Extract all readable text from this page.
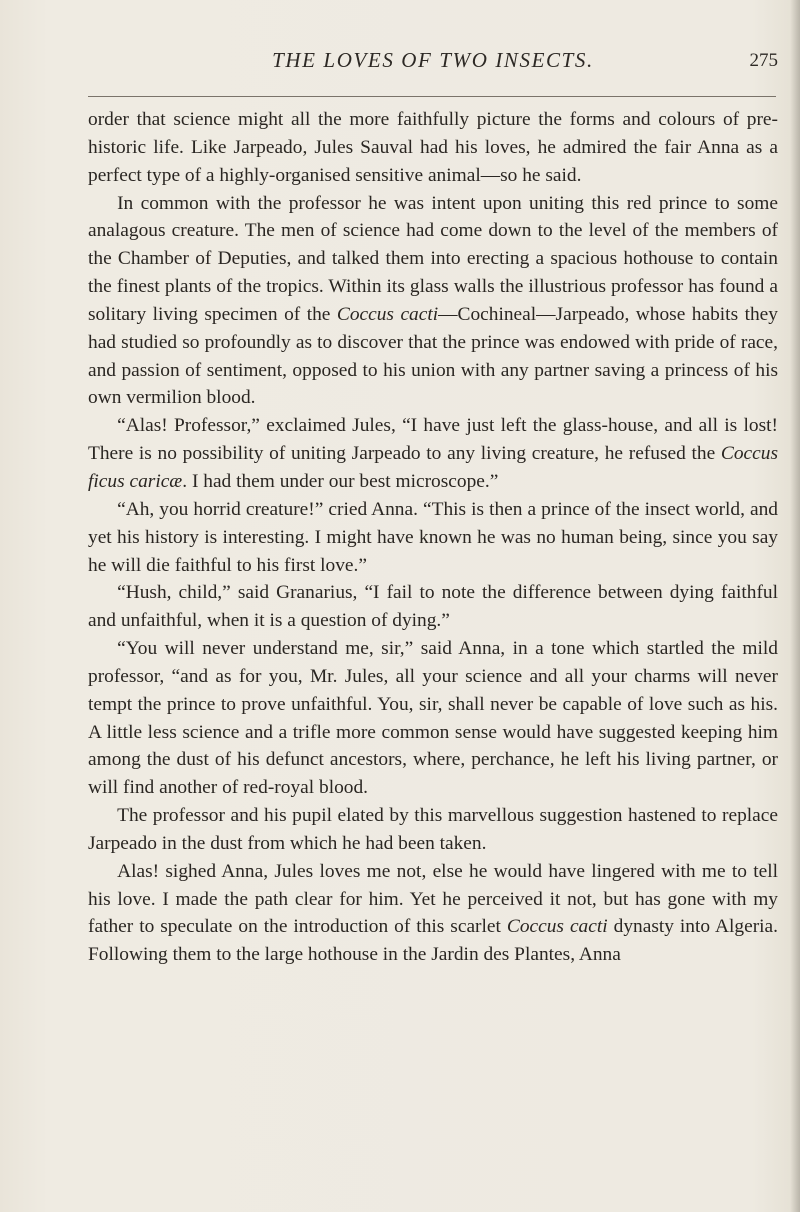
THE LOVES OF TWO INSECTS.	275

order that science might all the more faithfully picture the forms and colours of pre-historic life. Like Jarpeado, Jules Sauval had his loves, he admired the fair Anna as a perfect type of a highly-organised sensitive animal—so he said.

In common with the professor he was intent upon uniting this red prince to some analagous creature. The men of science had come down to the level of the members of the Chamber of Deputies, and talked them into erecting a spacious hothouse to contain the finest plants of the tropics. Within its glass walls the illustrious professor has found a solitary living specimen of the Coccus cacti—Cochineal—Jarpeado, whose habits they had studied so profoundly as to discover that the prince was endowed with pride of race, and passion of sentiment, opposed to his union with any partner saving a princess of his own vermilion blood.

“Alas! Professor,” exclaimed Jules, “I have just left the glass-house, and all is lost! There is no possibility of uniting Jarpeado to any living creature, he refused the Coccus ficus caricæ. I had them under our best microscope.”

“Ah, you horrid creature!” cried Anna. “This is then a prince of the insect world, and yet his history is interesting. I might have known he was no human being, since you say he will die faithful to his first love.”

“Hush, child,” said Granarius, “I fail to note the difference between dying faithful and unfaithful, when it is a question of dying.”

“You will never understand me, sir,” said Anna, in a tone which startled the mild professor, “and as for you, Mr. Jules, all your science and all your charms will never tempt the prince to prove unfaithful. You, sir, shall never be capable of love such as his. A little less science and a trifle more common sense would have suggested keeping him among the dust of his defunct ancestors, where, perchance, he left his living partner, or will find another of red-royal blood.

The professor and his pupil elated by this marvellous suggestion hastened to replace Jarpeado in the dust from which he had been taken.

Alas! sighed Anna, Jules loves me not, else he would have lingered with me to tell his love. I made the path clear for him. Yet he perceived it not, but has gone with my father to speculate on the introduction of this scarlet Coccus cacti dynasty into Algeria. Following them to the large hothouse in the Jardin des Plantes, Anna
